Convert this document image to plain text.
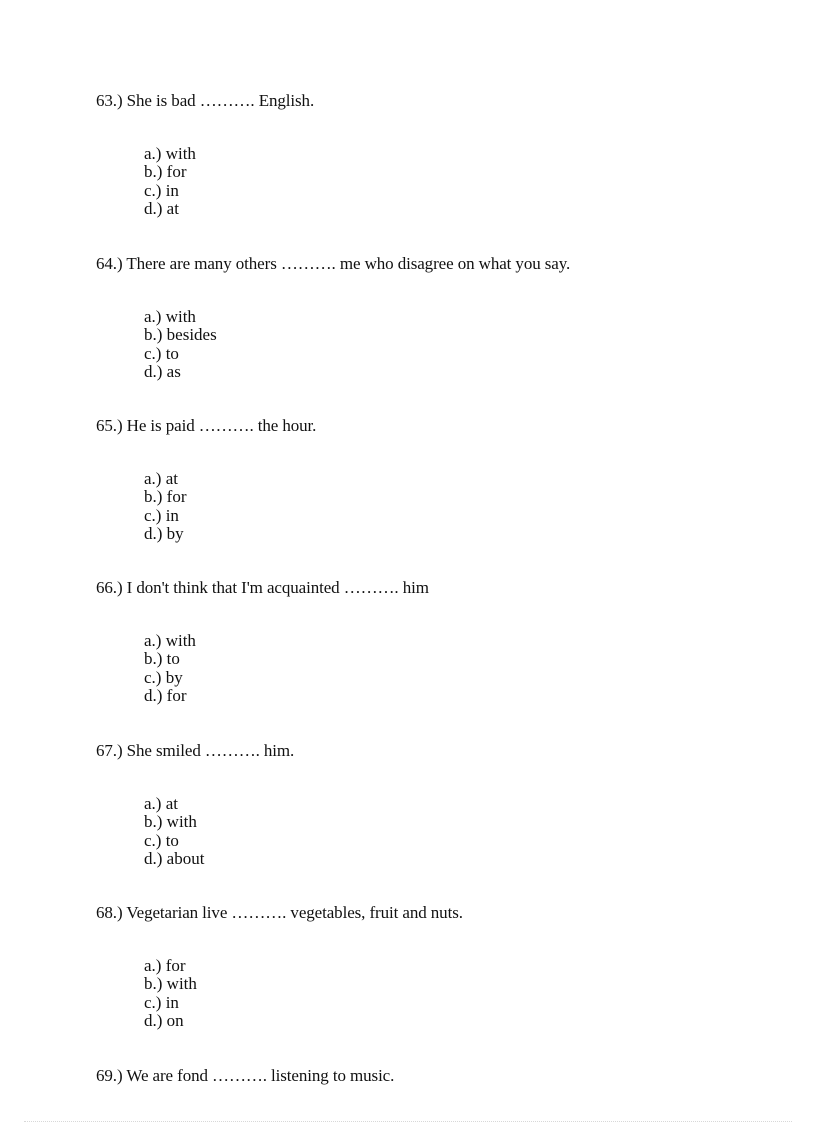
63.) She is bad ………. English.
a.) with
b.) for
c.) in
d.) at
64.) There are many others ………. me who disagree on what you say.
a.) with
b.) besides
c.) to
d.) as
65.) He is paid ………. the hour.
a.) at
b.) for
c.) in
d.) by
66.) I don't think that I'm acquainted ………. him
a.) with
b.) to
c.) by
d.) for
67.) She smiled ………. him.
a.) at
b.) with
c.) to
d.) about
68.) Vegetarian live ………. vegetables, fruit and nuts.
a.) for
b.) with
c.) in
d.) on
69.) We are fond ………. listening to music.
